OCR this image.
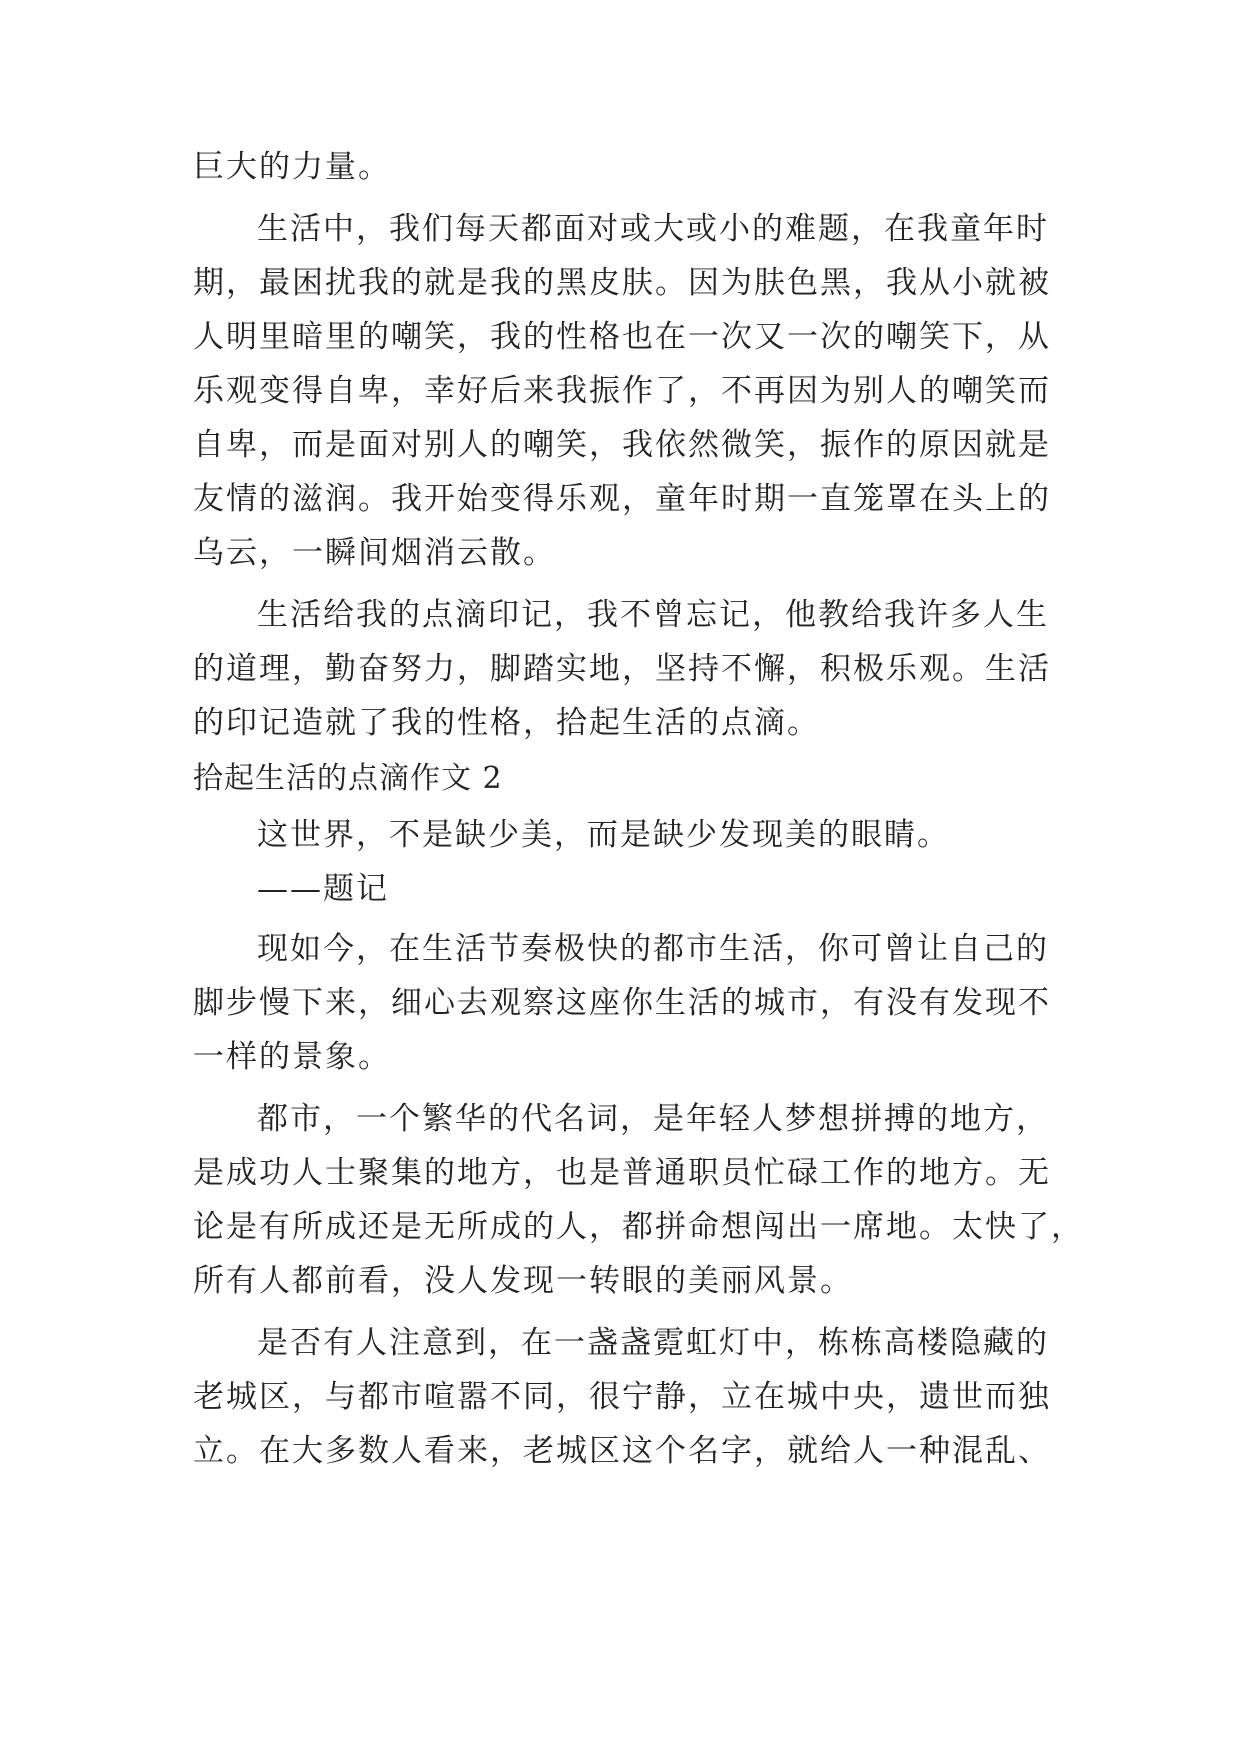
巨大的力量。
生活中，我们每天都面对或大或小的难题，在我童年时
期，最困扰我的就是我的黑皮肤。因为肤色黑，我从小就被
人明里暗里的嘲笑，我的性格也在一次又一次的嘲笑下，从
乐观变得自卑，幸好后来我振作了，不再因为别人的嘲笑而
自卑，而是面对别人的嘲笑，我依然微笑，振作的原因就是
友情的滋润。我开始变得乐观，童年时期一直笼罩在头上的
乌云，一瞬间烟消云散。
生活给我的点滴印记，我不曾忘记，他教给我许多人生
的道理，勤奋努力，脚踏实地，坚持不懈，积极乐观。生活
的印记造就了我的性格，拾起生活的点滴。
拾起生活的点滴作文 2
这世界，不是缺少美，而是缺少发现美的眼睛。
——题记
现如今，在生活节奏极快的都市生活，你可曾让自己的
脚步慢下来，细心去观察这座你生活的城市，有没有发现不
一样的景象。
都市，一个繁华的代名词，是年轻人梦想拼搏的地方，
是成功人士聚集的地方，也是普通职员忙碌工作的地方。无
论是有所成还是无所成的人，都拼命想闯出一席地。太快了，
所有人都前看，没人发现一转眼的美丽风景。
是否有人注意到，在一盏盏霓虹灯中，栋栋高楼隐藏的
老城区，与都市喧嚣不同，很宁静，立在城中央，遗世而独
立。在大多数人看来，老城区这个名字，就给人一种混乱、
